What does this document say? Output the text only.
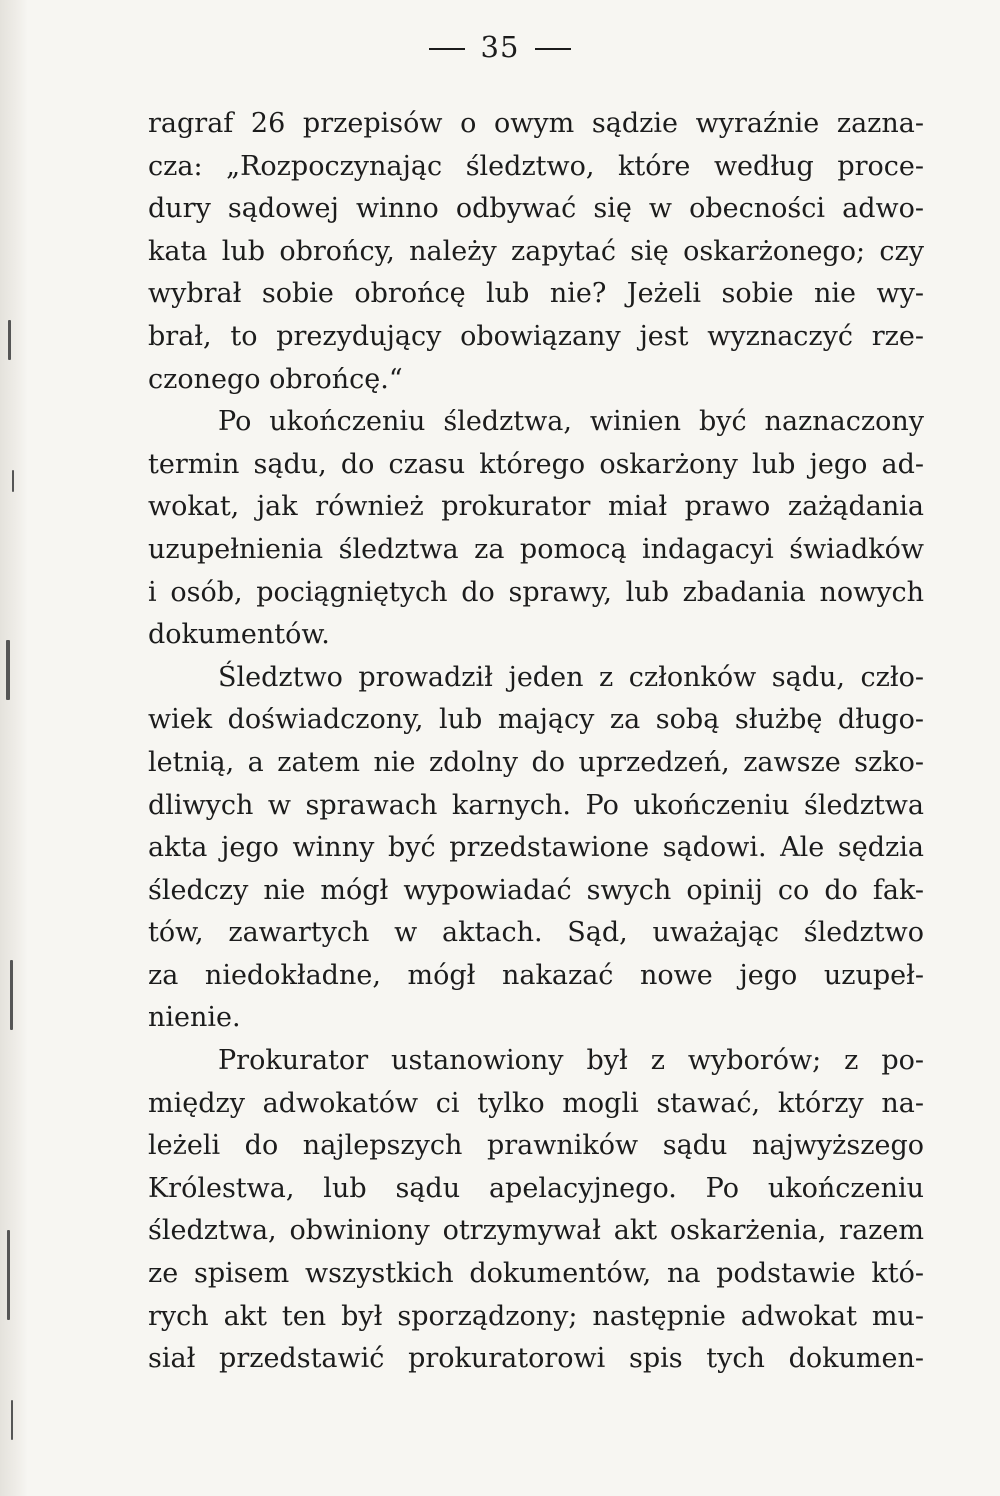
35
ragraf 26 przepisów o owym sądzie wyraźnie zazna-
cza: „Rozpoczynając śledztwo, które według proce-
dury sądowej winno odbywać się w obecności adwo-
kata lub obrońcy, należy zapytać się oskarżonego; czy
wybrał sobie obrońcę lub nie? Jeżeli sobie nie wy-
brał, to prezydujący obowiązany jest wyznaczyć rze-
czonego obrońcę.“
Po ukończeniu śledztwa, winien być naznaczony
termin sądu, do czasu którego oskarżony lub jego ad-
wokat, jak również prokurator miał prawo zażądania
uzupełnienia śledztwa za pomocą indagacyi świadków
i osób, pociągniętych do sprawy, lub zbadania nowych
dokumentów.
Śledztwo prowadził jeden z członków sądu, czło-
wiek doświadczony, lub mający za sobą służbę długo-
letnią, a zatem nie zdolny do uprzedzeń, zawsze szko-
dliwych w sprawach karnych. Po ukończeniu śledztwa
akta jego winny być przedstawione sądowi. Ale sędzia
śledczy nie mógł wypowiadać swych opinij co do fak-
tów, zawartych w aktach. Sąd, uważając śledztwo
za niedokładne, mógł nakazać nowe jego uzupeł-
nienie.
Prokurator ustanowiony był z wyborów; z po-
między adwokatów ci tylko mogli stawać, którzy na-
leżeli do najlepszych prawników sądu najwyższego
Królestwa, lub sądu apelacyjnego. Po ukończeniu
śledztwa, obwiniony otrzymywał akt oskarżenia, razem
ze spisem wszystkich dokumentów, na podstawie któ-
rych akt ten był sporządzony; następnie adwokat mu-
siał przedstawić prokuratorowi spis tych dokumen-
